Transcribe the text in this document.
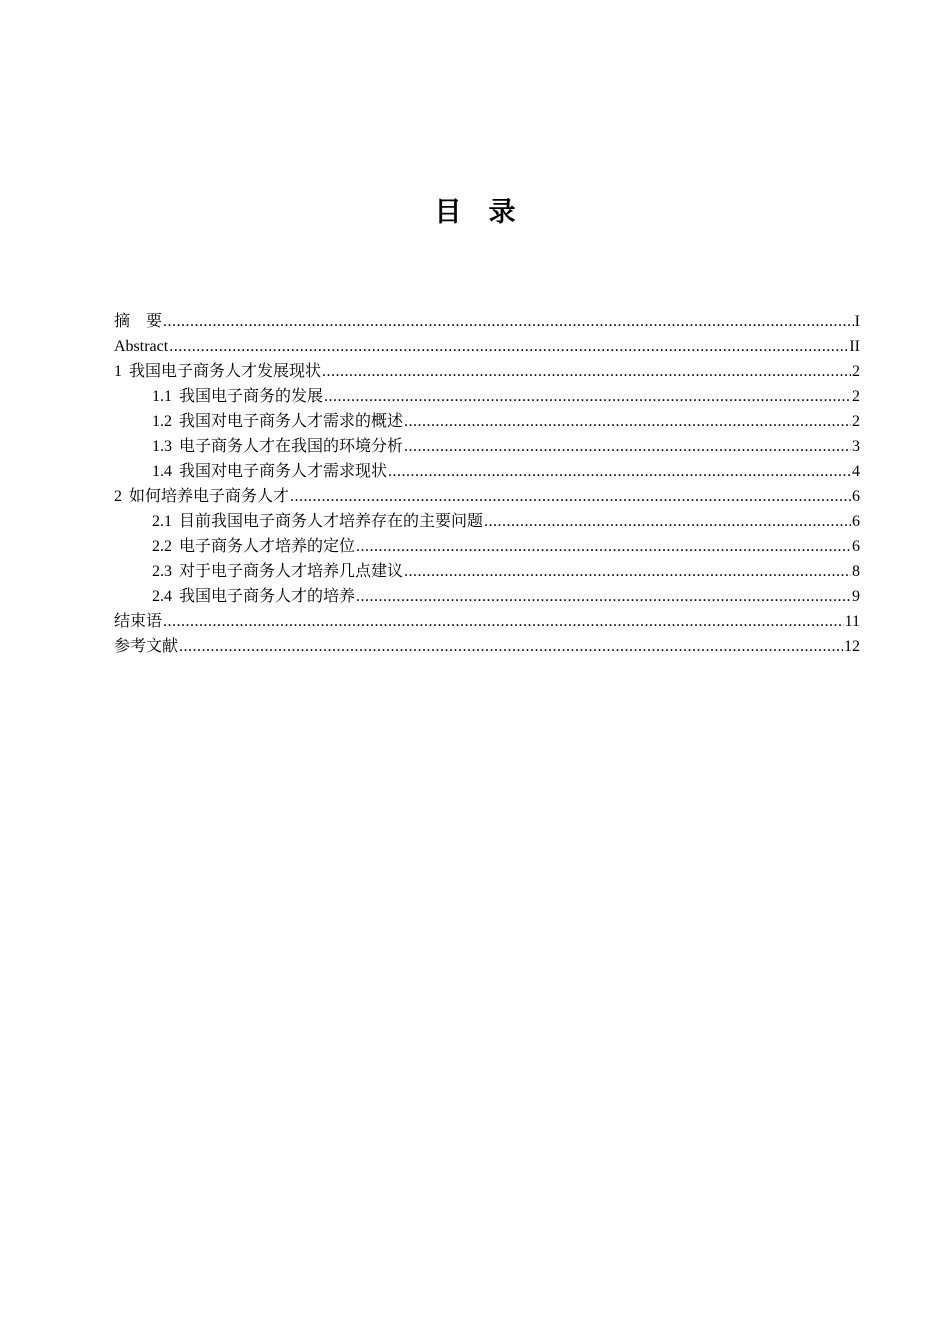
目　录
摘　要 .....	I
Abstract .....	II
1 我国电子商务人才发展现状 .....	2
1.1 我国电子商务的发展 .....	2
1.2 我国对电子商务人才需求的概述 .....	2
1.3 电子商务人才在我国的环境分析 .....	3
1.4 我国对电子商务人才需求现状 .....	4
2 如何培养电子商务人才 .....	6
2.1 目前我国电子商务人才培养存在的主要问题 .....	6
2.2 电子商务人才培养的定位 .....	6
2.3 对于电子商务人才培养几点建议 .....	8
2.4 我国电子商务人才的培养 .....	9
结束语 .....	11
参考文献 .....	12
